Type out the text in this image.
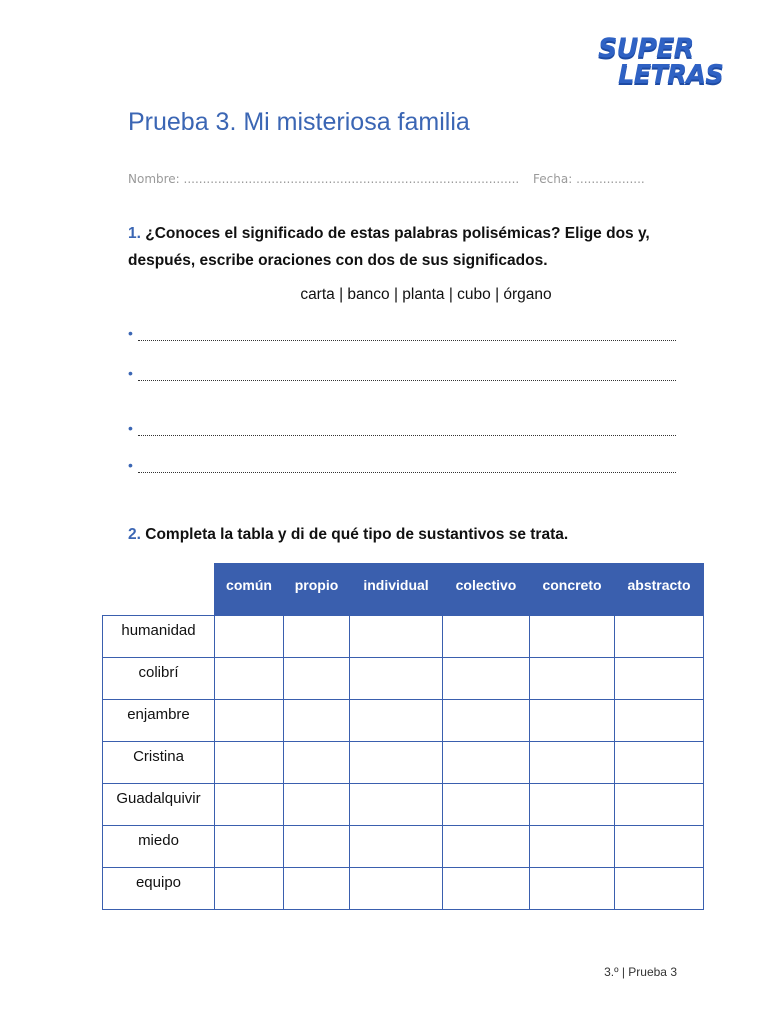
SUPER
LETRAS
Prueba 3. Mi misteriosa familia
Nombre: ........................................................................................ Fecha: ..................
1. ¿Conoces el significado de estas palabras polisémicas? Elige dos y, después, escribe oraciones con dos de sus significados.
carta | banco | planta | cubo | órgano
•
•
•
•
2. Completa la tabla y di de qué tipo de sustantivos se trata.

	común	propio	individual	colectivo	concreto	abstracto

humanidad						

colibrí						

enjambre						

Cristina						

Guadalquivir						

miedo						

equipo						

3.º | Prueba 3
